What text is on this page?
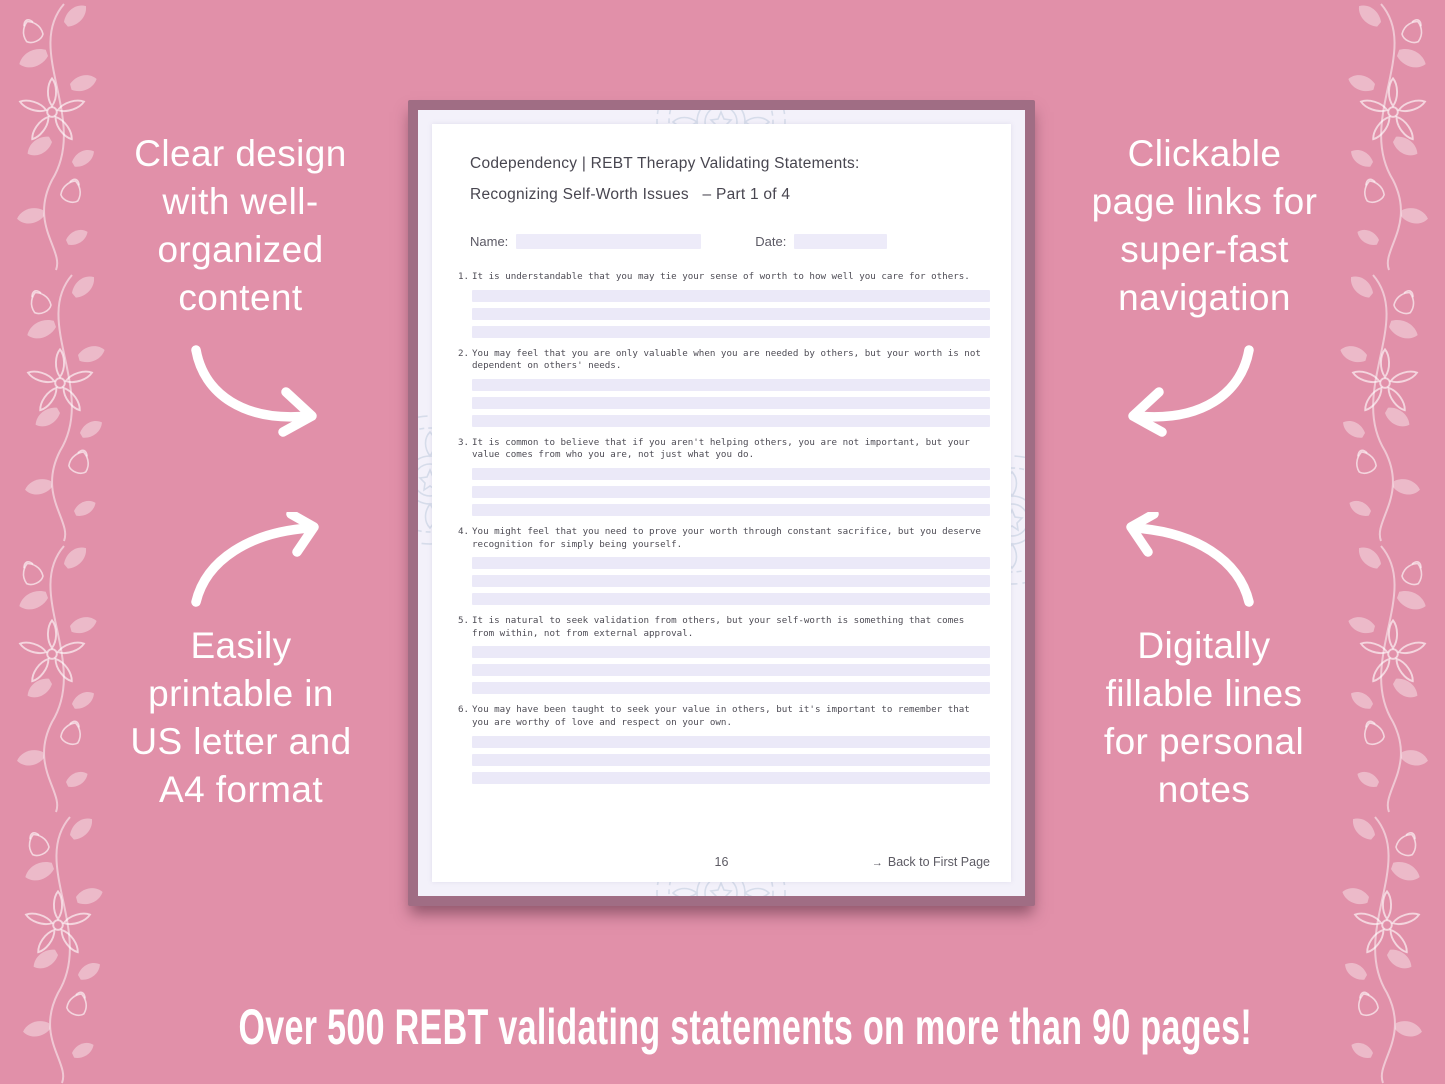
Clear design
with well-
organized
content
Clickable
page links for
super-fast
navigation
Easily
printable in
US letter and
A4 format
Digitally
fillable lines
for personal
notes
Codependency | REBT Therapy Validating Statements:
Recognizing Self-Worth Issues   – Part 1 of 4
Name:	Date:
1. It is understandable that you may tie your sense of worth to how well you care for others.
2. You may feel that you are only valuable when you are needed by others, but your worth is not dependent on others' needs.
3. It is common to believe that if you aren't helping others, you are not important, but your value comes from who you are, not just what you do.
4. You might feel that you need to prove your worth through constant sacrifice, but you deserve recognition for simply being yourself.
5. It is natural to seek validation from others, but your self-worth is something that comes from within, not from external approval.
6. You may have been taught to seek your value in others, but it's important to remember that you are worthy of love and respect on your own.
16	→ Back to First Page
Over 500 REBT validating statements on more than 90 pages!
